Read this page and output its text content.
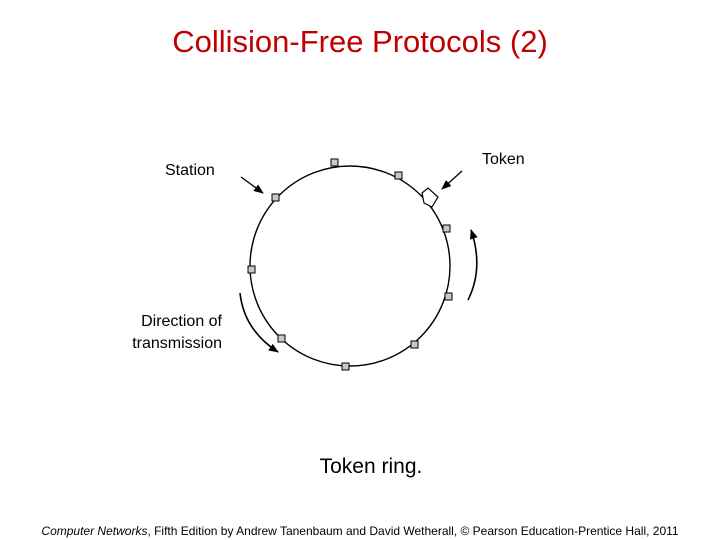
Collision-Free Protocols (2)
Station
Token
Direction of
transmission
Token ring.
Computer Networks, Fifth Edition by Andrew Tanenbaum and David Wetherall, © Pearson Education-Prentice Hall, 2011
